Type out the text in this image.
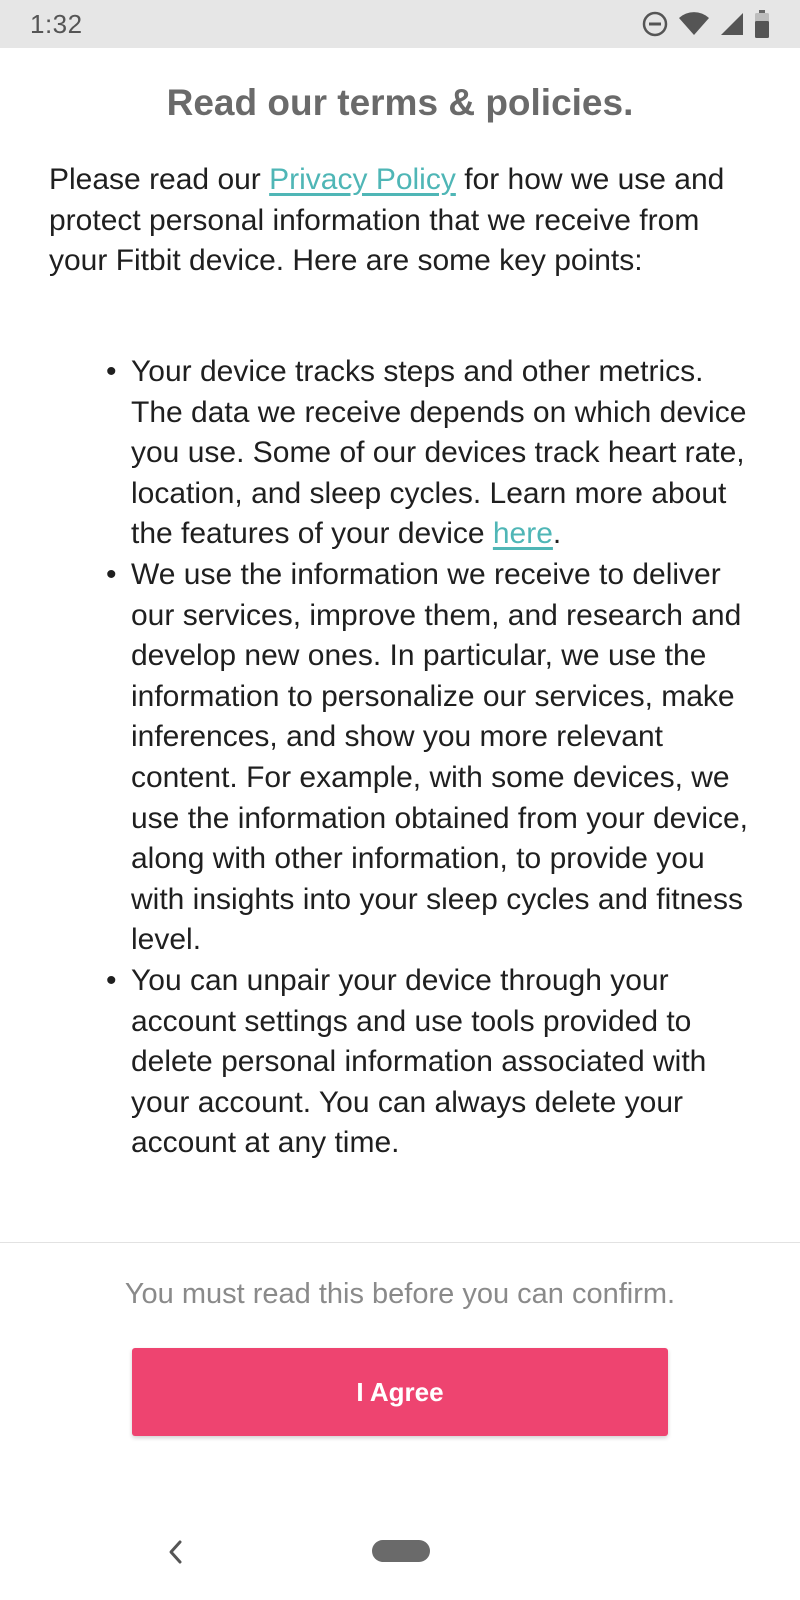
1:32
Read our terms & policies.

Please read our Privacy Policy for how we use and protect personal information that we receive from your Fitbit device. Here are some key points:

• Your device tracks steps and other metrics. The data we receive depends on which device you use. Some of our devices track heart rate, location, and sleep cycles. Learn more about the features of your device here.
• We use the information we receive to deliver our services, improve them, and research and develop new ones. In particular, we use the information to personalize our services, make inferences, and show you more relevant content. For example, with some devices, we use the information obtained from your device, along with other information, to provide you with insights into your sleep cycles and fitness level.
• You can unpair your device through your account settings and use tools provided to delete personal information associated with your account. You can always delete your account at any time.

You must read this before you can confirm.

I Agree
